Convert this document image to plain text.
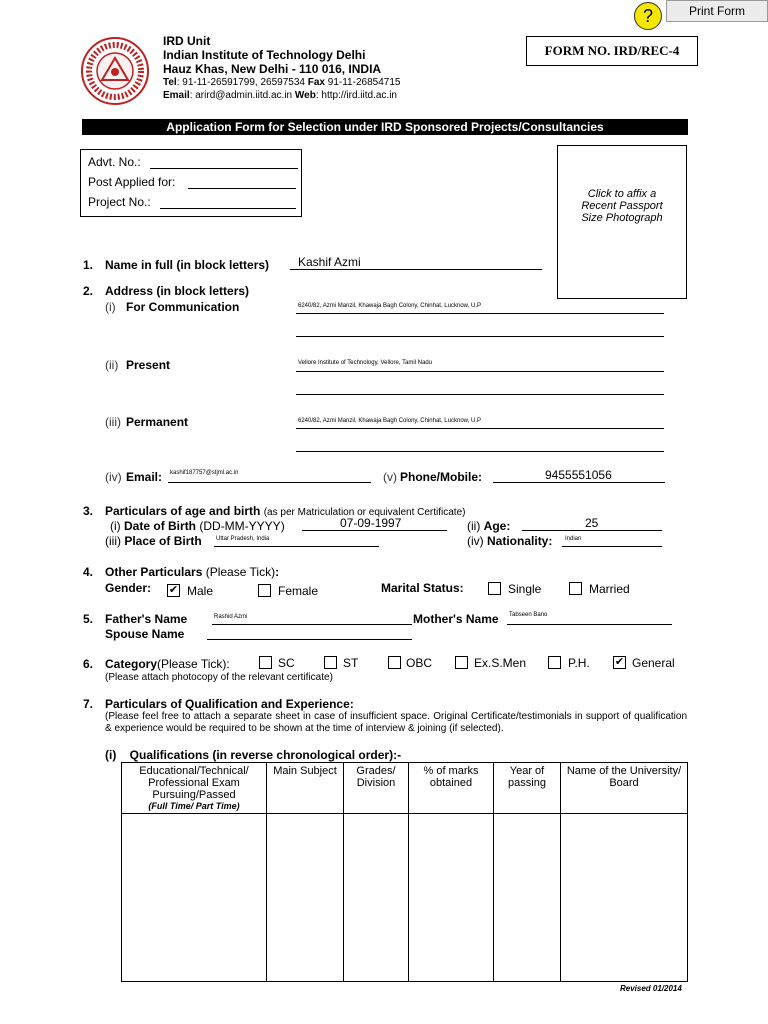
?	Print Form
IRD Unit
Indian Institute of Technology Delhi
Hauz Khas, New Delhi - 110 016, INDIA
Tel: 91-11-26591799, 26597534 Fax 91-11-26854715
Email: arird@admin.iitd.ac.in Web: http://ird.iitd.ac.in
FORM NO. IRD/REC-4
Application Form for Selection under IRD Sponsored Projects/Consultancies
Advt. No.:
Post Applied for:
Project No.:
Click to affix a
Recent Passport
Size Photograph
1. Name in full (in block letters) Kashif Azmi
2. Address (in block letters)
(i) For Communication	6240/82, Azmi Manzil, Khawaja Bagh Colony, Chinhat, Lucknow, U.P
(ii) Present	Vellore Institute of Technology, Vellore, Tamil Nadu
(iii) Permanent	6240/82, Azmi Manzil, Khawaja Bagh Colony, Chinhat, Lucknow, U.P
(iv) Email: kashif187757@stjml.ac.in	(v) Phone/Mobile:	9455551056
3. Particulars of age and birth (as per Matriculation or equivalent Certificate)
(i) Date of Birth (DD-MM-YYYY)	07-09-1997	(ii) Age:	25
(iii) Place of Birth Uttar Pradesh, India	(iv) Nationality: Indian
4. Other Particulars (Please Tick):
Gender: ✔ Male	Female	Marital Status:	Single	Married
5. Father's Name	Rashid Azmi	Mother's Name Tabseen Bano
Spouse Name
6. Category(Please Tick):	SC	ST	OBC	Ex.S.Men	P.H. ✔ General
(Please attach photocopy of the relevant certificate)
7. Particulars of Qualification and Experience:
(Please feel free to attach a separate sheet in case of insufficient space. Original Certificate/testimonials in support of qualification & experience would be required to be shown at the time of interview & joining (if selected).
(i) Qualifications (in reverse chronological order):-
Educational/Technical/ Professional Exam Pursuing/Passed
(Full Time/ Part Time)	Main Subject	Grades/ Division	% of marks obtained	Year of passing	Name of the University/ Board

Revised 01/2014
